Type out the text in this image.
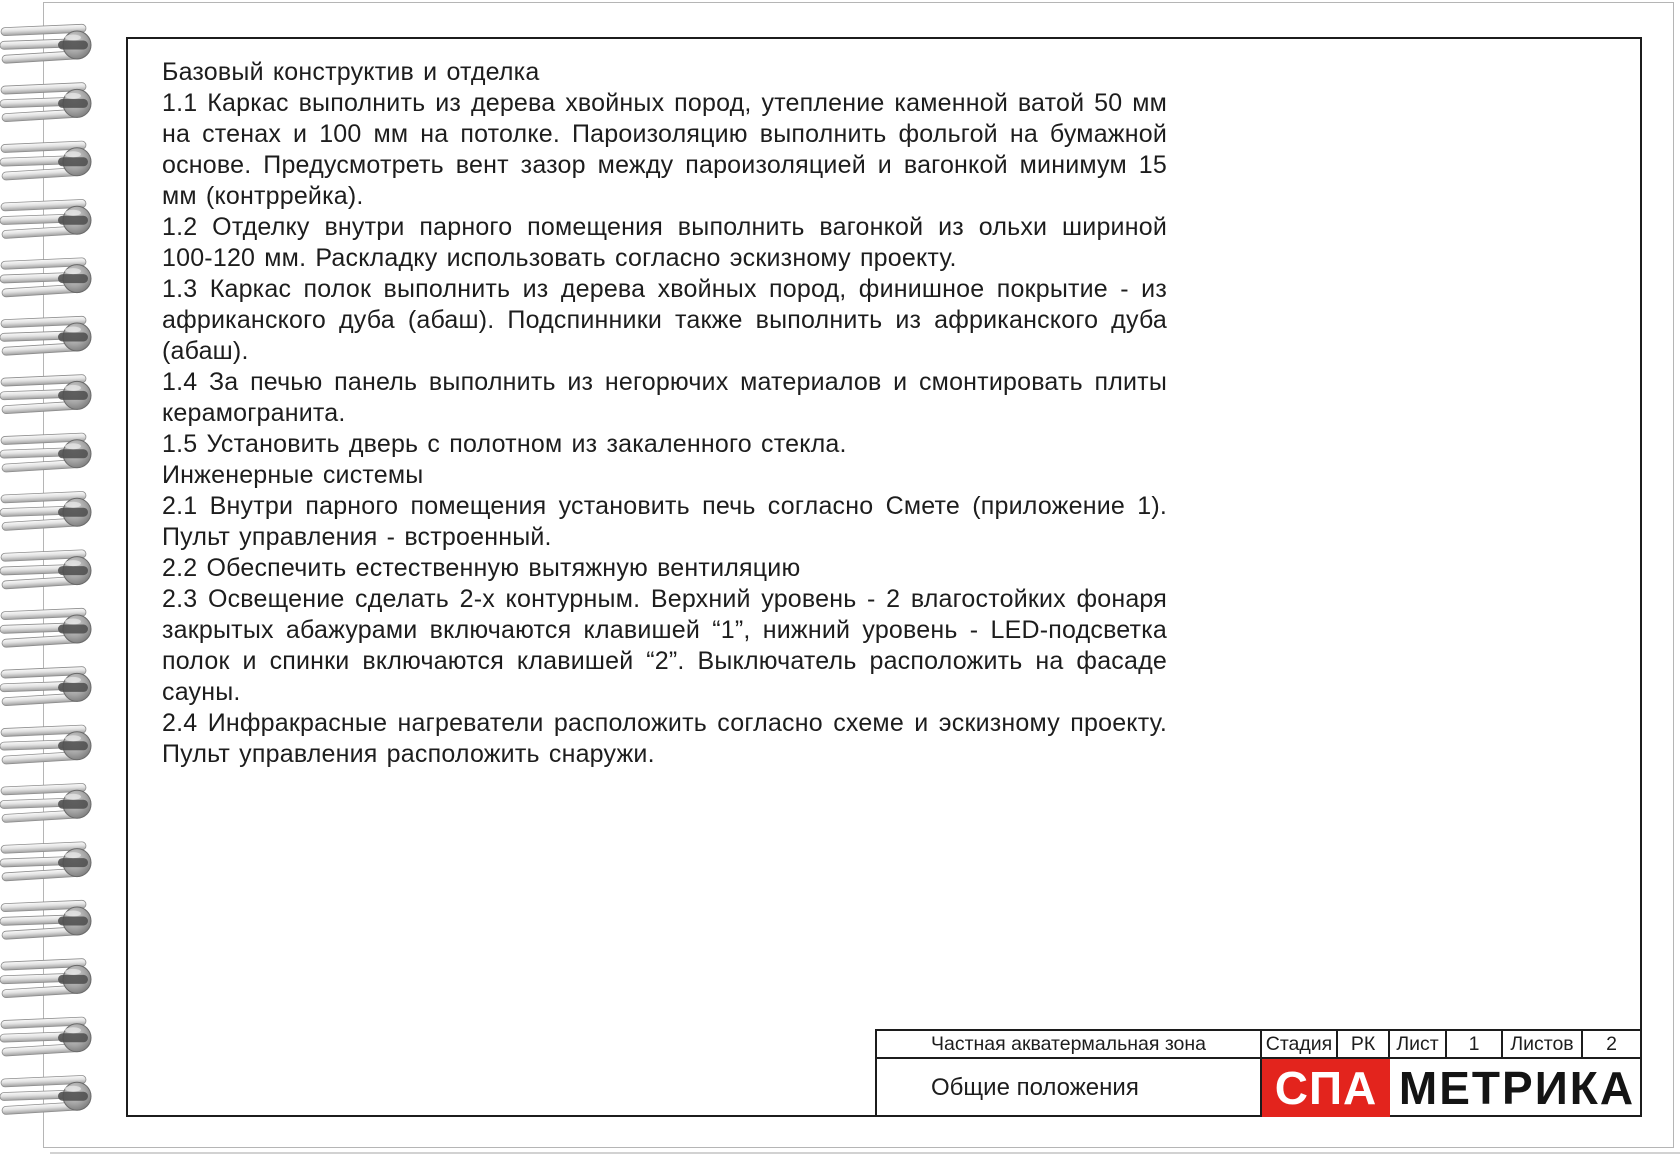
Базовый конструктив и отделка

1.1 Каркас выполнить из дерева хвойных пород, утепление каменной ватой 50 мм на стенах и 100 мм на потолке. Пароизоляцию выполнить фольгой на бумажной основе. Предусмотреть вент зазор между пароизоляцией и вагонкой минимум 15 мм (контррейка).

1.2 Отделку внутри парного помещения выполнить вагонкой из ольхи шириной 100-120 мм. Раскладку использовать согласно эскизному проекту.

1.3 Каркас полок выполнить из дерева хвойных пород, финишное покрытие - из африканского дуба (абаш). Подспинники также выполнить из африканского дуба (абаш).

1.4 За печью панель выполнить из негорючих материалов и смонтировать плиты керамогранита.

1.5 Установить дверь с полотном из закаленного стекла.

Инженерные системы

2.1 Внутри парного помещения установить печь согласно Смете (приложение 1). Пульт управления - встроенный.

2.2 Обеспечить естественную вытяжную вентиляцию

2.3 Освещение сделать 2-х контурным. Верхний уровень - 2 влагостойких фонаря закрытых абажурами включаются клавишей “1”, нижний уровень - LED-подсветка полок и спинки включаются клавишей “2”. Выключатель расположить на фасаде сауны.

2.4 Инфракрасные нагреватели расположить согласно схеме и эскизному проекту. Пульт управления расположить снаружи.

Частная акватермальная зона	Стадия РК	Лист	1	Листов	2
Общие положения	СПА МЕТРИКА
